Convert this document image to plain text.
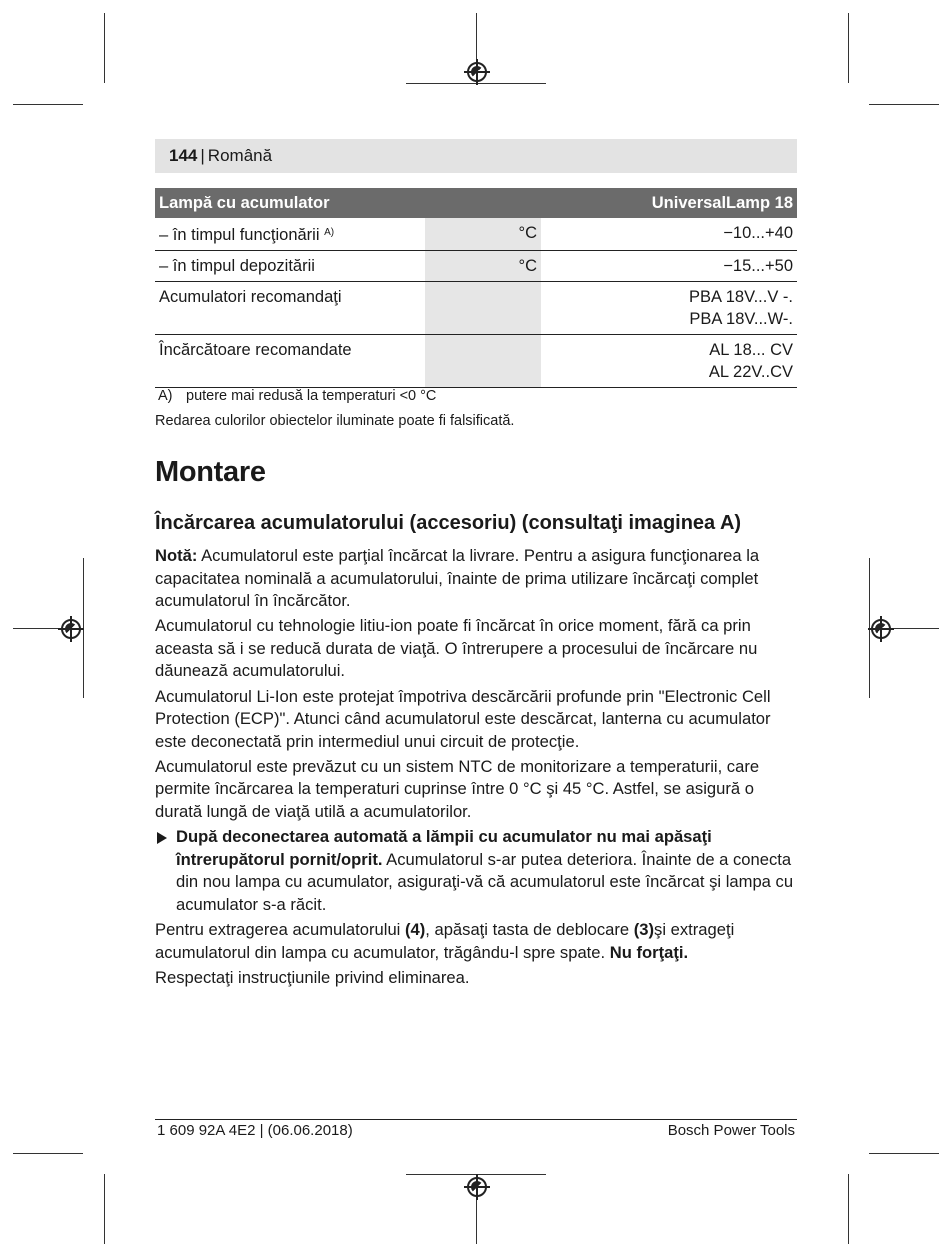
144 | Română
Lampă cu acumulator		UniversalLamp 18
– în timpul funcţionării $^{A)}$	°C	−10...+40
– în timpul depozitării	°C	−15...+50
Acumulatori recomandaţi		PBA 18V...V -.
PBA 18V...W-.

Încărcătoare recomandate		AL 18... CV
AL 22V..CV
A) putere mai redusă la temperaturi <0 °C
Redarea culorilor obiectelor iluminate poate fi falsificată.
Montare
Încărcarea acumulatorului (accesoriu) (consultaţi imaginea A)

Notă: Acumulatorul este parţial încărcat la livrare. Pentru a asigura funcţionarea la capacitatea nominală a acumulatorului, înainte de prima utilizare încărcaţi complet acumulatorul în încărcător.

Acumulatorul cu tehnologie litiu-ion poate fi încărcat în orice moment, fără ca prin aceasta să i se reducă durata de viaţă. O întrerupere a procesului de încărcare nu dăunează acumulatorului.

Acumulatorul Li-Ion este protejat împotriva descărcării profunde prin "Electronic Cell Protection (ECP)". Atunci când acumulatorul este descărcat, lanterna cu acumulator este deconectată prin intermediul unui circuit de protecţie.

Acumulatorul este prevăzut cu un sistem NTC de monitorizare a temperaturii, care permite încărcarea la temperaturi cuprinse între 0 °C şi 45 °C. Astfel, se asigură o durată lungă de viaţă utilă a acumulatorilor.

După deconectarea automată a lămpii cu acumulator nu mai apăsaţi întrerupătorul pornit/oprit. Acumulatorul s-ar putea deteriora. Înainte de a conecta din nou lampa cu acumulator, asiguraţi-vă că acumulatorul este încărcat şi lampa cu acumulator s-a răcit.

Pentru extragerea acumulatorului (4), apăsaţi tasta de deblocare (3)şi extrageţi acumulatorul din lampa cu acumulator, trăgându-l spre spate. Nu forţaţi.

Respectaţi instrucţiunile privind eliminarea.

1 609 92A 4E2 | (06.06.2018)	Bosch Power Tools
